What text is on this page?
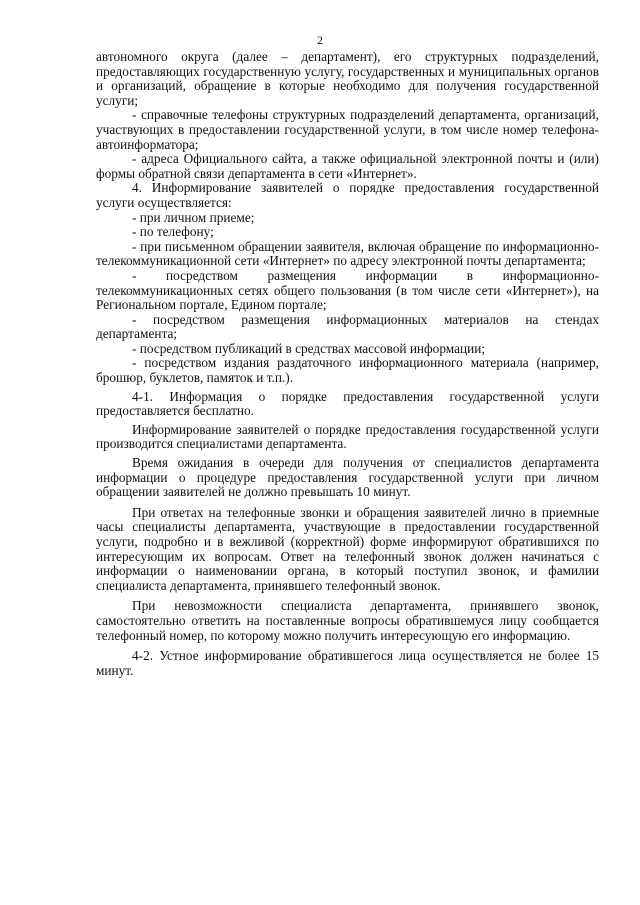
2

автономного округа (далее – департамент), его структурных подразделений, предоставляющих государственную услугу, государственных и муниципальных органов и организаций, обращение в которые необходимо для получения государственной услуги;

- справочные телефоны структурных подразделений департамента, организаций, участвующих в предоставлении государственной услуги, в том числе номер телефона-автоинформатора;

- адреса Официального сайта, а также официальной электронной почты и (или) формы обратной связи департамента в сети «Интернет».

4. Информирование заявителей о порядке предоставления государственной услуги осуществляется:

- при личном приеме;

- по телефону;

- при письменном обращении заявителя, включая обращение по информационно-телекоммуникационной сети «Интернет» по адресу электронной почты департамента;

- посредством размещения информации в информационно-телекоммуникационных сетях общего пользования (в том числе сети «Интернет»), на Региональном портале, Едином портале;

- посредством размещения информационных материалов на стендах департамента;

- посредством публикаций в средствах массовой информации;

- посредством издания раздаточного информационного материала (например, брошюр, буклетов, памяток и т.п.).

4-1. Информация о порядке предоставления государственной услуги предоставляется бесплатно.

Информирование заявителей о порядке предоставления государственной услуги производится специалистами департамента.

Время ожидания в очереди для получения от специалистов департамента информации о процедуре предоставления государственной услуги при личном обращении заявителей не должно превышать 10 минут.

При ответах на телефонные звонки и обращения заявителей лично в приемные часы специалисты департамента, участвующие в предоставлении государственной услуги, подробно и в вежливой (корректной) форме информируют обратившихся по интересующим их вопросам. Ответ на телефонный звонок должен начинаться с информации о наименовании органа, в который поступил звонок, и фамилии специалиста департамента, принявшего телефонный звонок.

При невозможности специалиста департамента, принявшего звонок, самостоятельно ответить на поставленные вопросы обратившемуся лицу сообщается телефонный номер, по которому можно получить интересующую его информацию.

4-2. Устное информирование обратившегося лица осуществляется не более 15 минут.
